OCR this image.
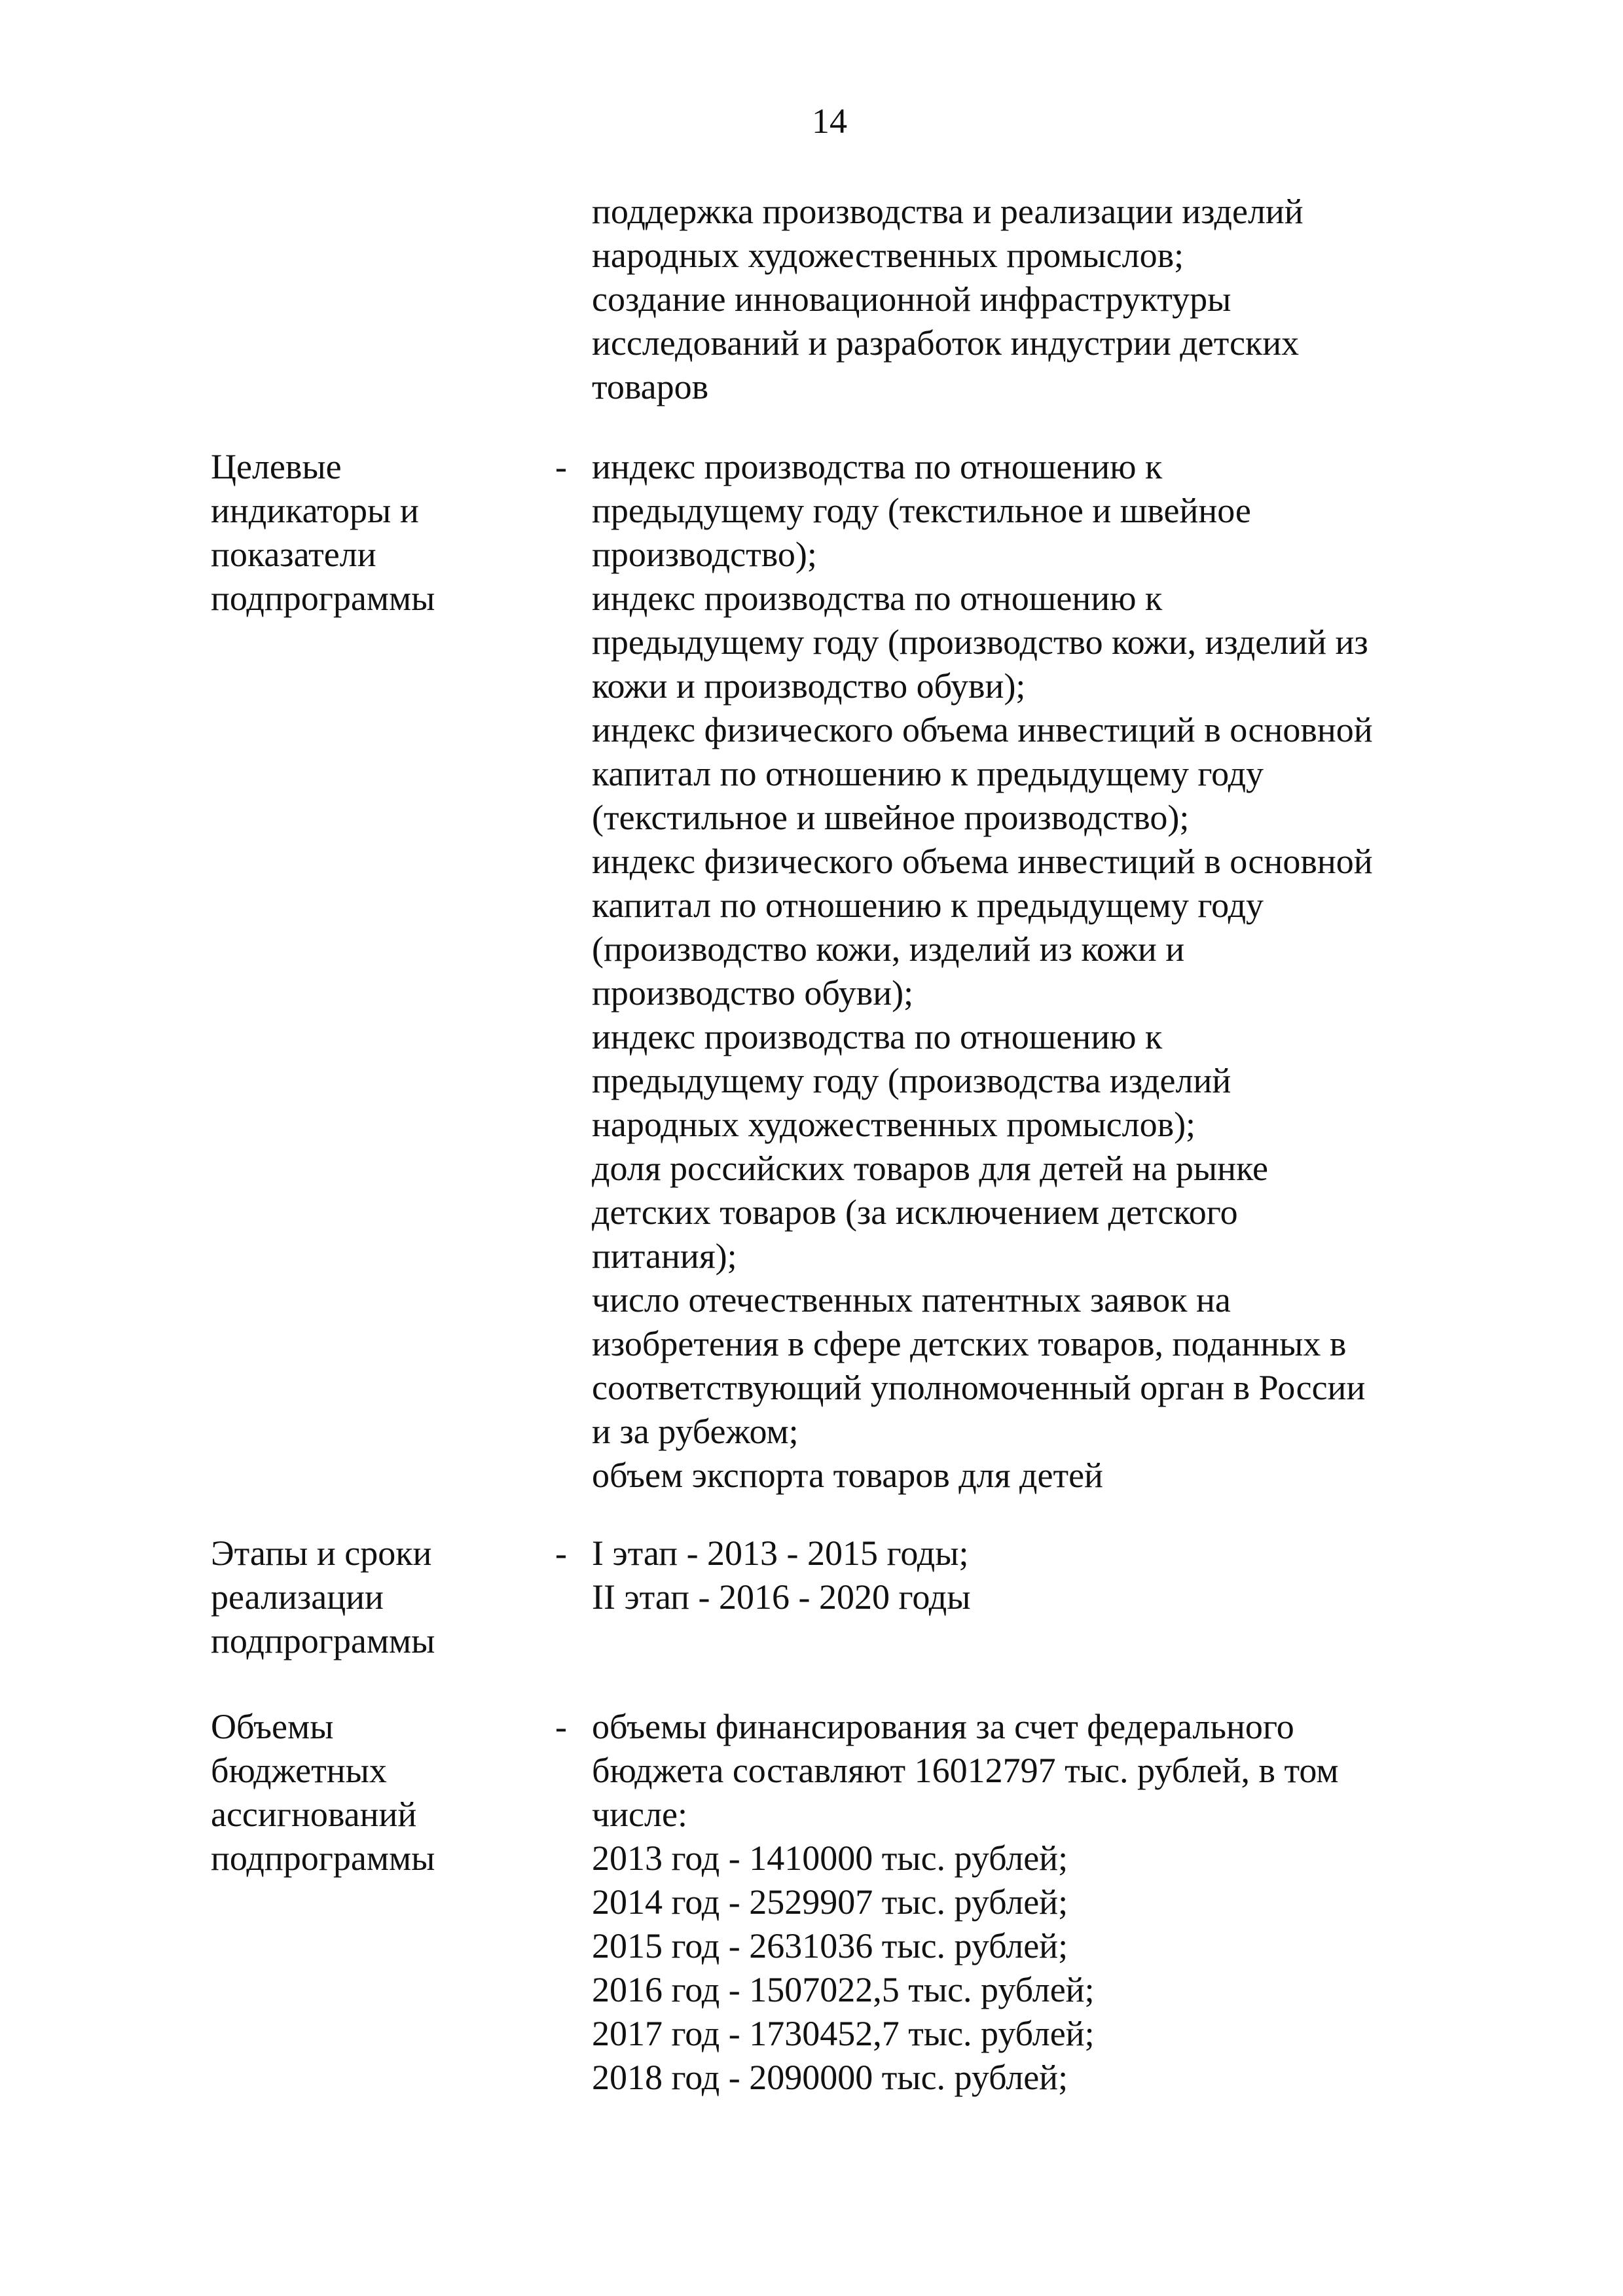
14
поддержка производства и реализации изделий
народных художественных промыслов;
создание инновационной инфраструктуры
исследований и разработок индустрии детских
товаров
Целевые
индикаторы и
показатели
подпрограммы
- индекс производства по отношению к
предыдущему году (текстильное и швейное
производство);
индекс производства по отношению к
предыдущему году (производство кожи, изделий из
кожи и производство обуви);
индекс физического объема инвестиций в основной
капитал по отношению к предыдущему году
(текстильное и швейное производство);
индекс физического объема инвестиций в основной
капитал по отношению к предыдущему году
(производство кожи, изделий из кожи и
производство обуви);
индекс производства по отношению к
предыдущему году (производства изделий
народных художественных промыслов);
доля российских товаров для детей на рынке
детских товаров (за исключением детского
питания);
число отечественных патентных заявок на
изобретения в сфере детских товаров, поданных в
соответствующий уполномоченный орган в России
и за рубежом;
объем экспорта товаров для детей
Этапы и сроки
реализации
подпрограммы
- I этап - 2013 - 2015 годы;
II этап - 2016 - 2020 годы
Объемы
бюджетных
ассигнований
подпрограммы
- объемы финансирования за счет федерального
бюджета составляют 16012797 тыс. рублей, в том
числе:
2013 год - 1410000 тыс. рублей;
2014 год - 2529907 тыс. рублей;
2015 год - 2631036 тыс. рублей;
2016 год - 1507022,5 тыс. рублей;
2017 год - 1730452,7 тыс. рублей;
2018 год - 2090000 тыс. рублей;
